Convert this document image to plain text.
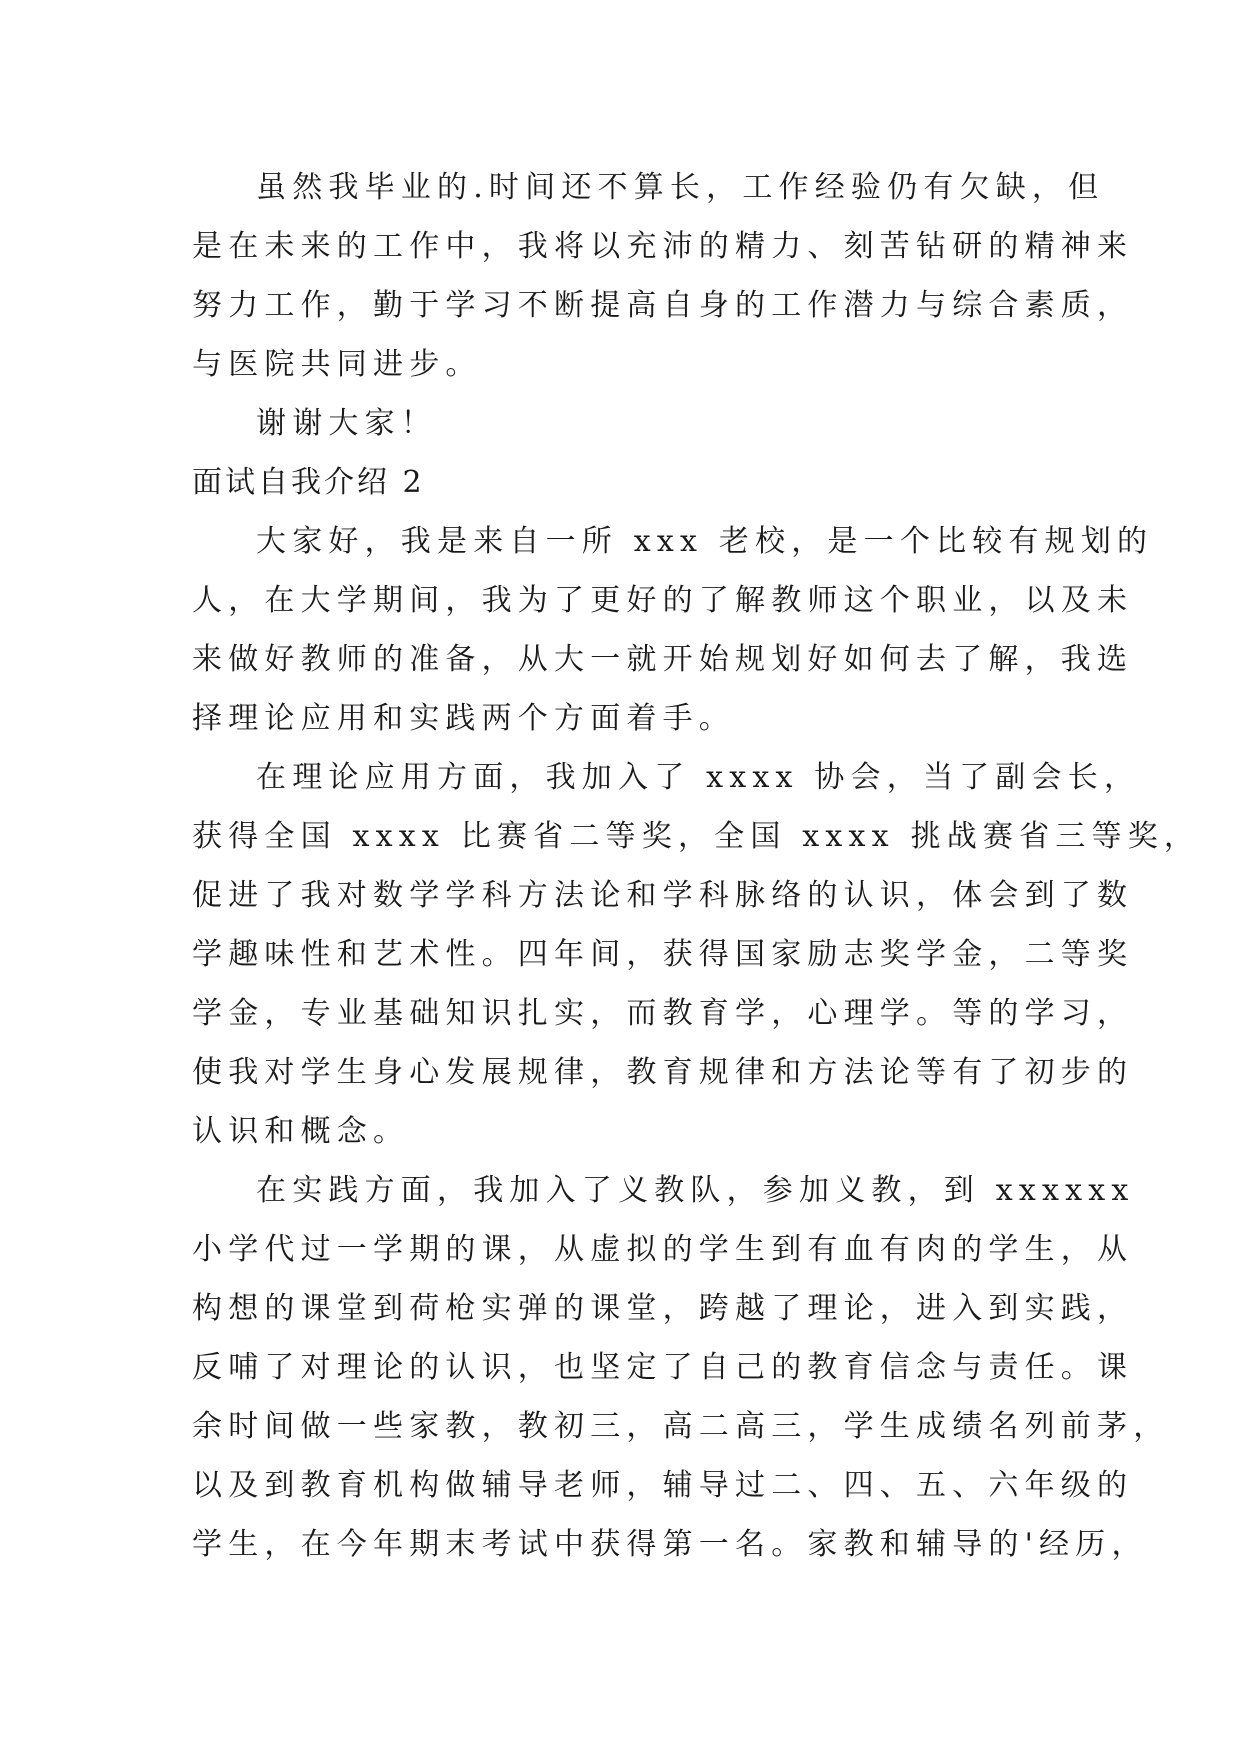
虽然我毕业的.时间还不算长，工作经验仍有欠缺，但
是在未来的工作中，我将以充沛的精力、刻苦钻研的精神来
努力工作，勤于学习不断提高自身的工作潜力与综合素质，
与医院共同进步。
谢谢大家！
面试自我介绍 2
大家好，我是来自一所 xxx 老校，是一个比较有规划的
人，在大学期间，我为了更好的了解教师这个职业，以及未
来做好教师的准备，从大一就开始规划好如何去了解，我选
择理论应用和实践两个方面着手。
在理论应用方面，我加入了 xxxx 协会，当了副会长，
获得全国 xxxx 比赛省二等奖，全国 xxxx 挑战赛省三等奖，
促进了我对数学学科方法论和学科脉络的认识，体会到了数
学趣味性和艺术性。四年间，获得国家励志奖学金，二等奖
学金，专业基础知识扎实，而教育学，心理学。等的学习，
使我对学生身心发展规律，教育规律和方法论等有了初步的
认识和概念。
在实践方面，我加入了义教队，参加义教，到 xxxxxx
小学代过一学期的课，从虚拟的学生到有血有肉的学生，从
构想的课堂到荷枪实弹的课堂，跨越了理论，进入到实践，
反哺了对理论的认识，也坚定了自己的教育信念与责任。课
余时间做一些家教，教初三，高二高三，学生成绩名列前茅，
以及到教育机构做辅导老师，辅导过二、四、五、六年级的
学生，在今年期末考试中获得第一名。家教和辅导的'经历，
